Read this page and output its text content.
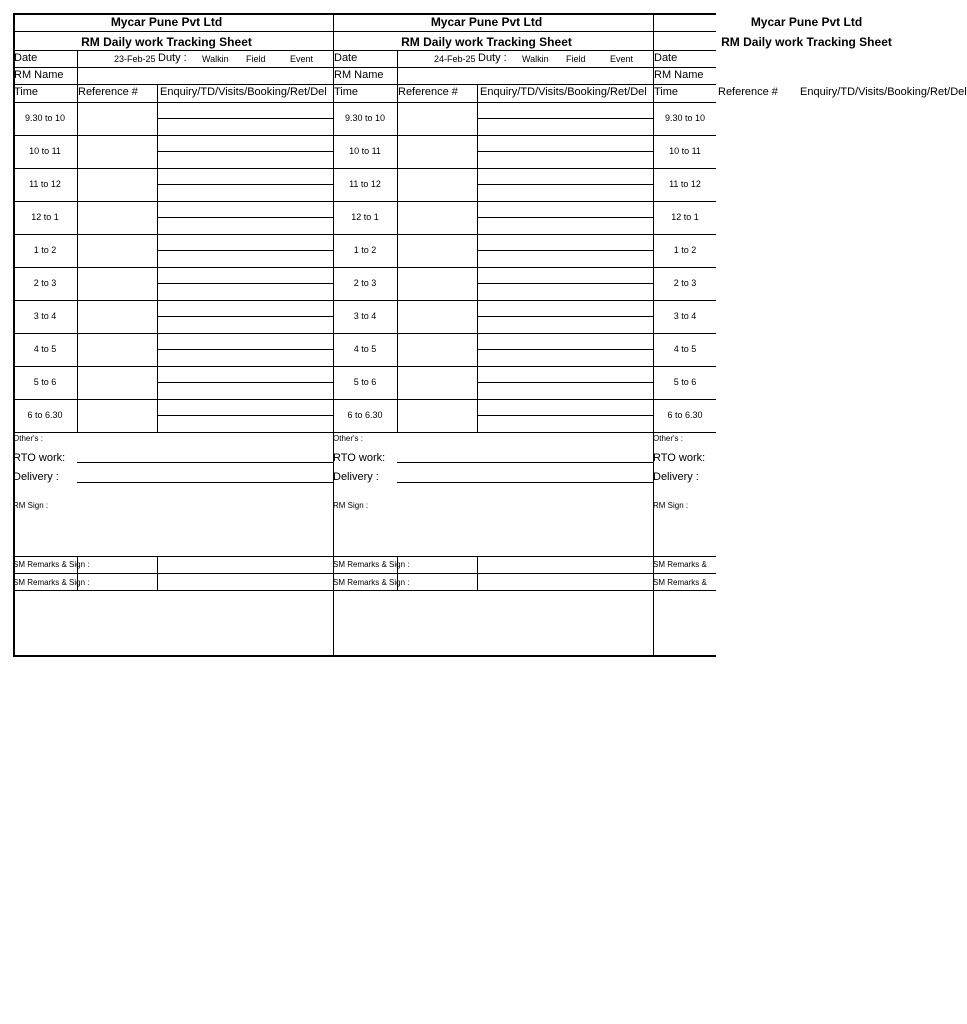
Mycar Pune Pvt Ltd
RM Daily work Tracking Sheet
Date	23-Feb-25 Duty : Walkin Field	Event
RM Name
Time	Reference # Enquiry/TD/Visits/Booking/Ret/Del
9.30 to 10
10 to 11
11 to 12
12 to 1
1 to 2
2 to 3
3 to 4
4 to 5
5 to 6
6 to 6.30
Other's :
RTO work:
Delivery :
RM Sign :
SM Remarks & Sign :
SM Remarks & Sign :
Mycar Pune Pvt Ltd
RM Daily work Tracking Sheet
Date	24-Feb-25 Duty : Walkin Field	Event
RM Name
Time	Reference # Enquiry/TD/Visits/Booking/Ret/Del
9.30 to 10
10 to 11
11 to 12
12 to 1
1 to 2
2 to 3
3 to 4
4 to 5
5 to 6
6 to 6.30
Other's :
RTO work:
Delivery :
RM Sign :
SM Remarks & Sign :
SM Remarks & Sign :
Mycar Pune Pvt Ltd
RM Daily work Tracking Sheet
Date
RM Name
Time	Reference # Enquiry/TD/Visits/Booking/Ret/Del
9.30 to 10
10 to 11
11 to 12
12 to 1
1 to 2
2 to 3
3 to 4
4 to 5
5 to 6
6 to 6.30
Other's :
RTO work:
Delivery :
RM Sign :
SM Remarks &
SM Remarks &
